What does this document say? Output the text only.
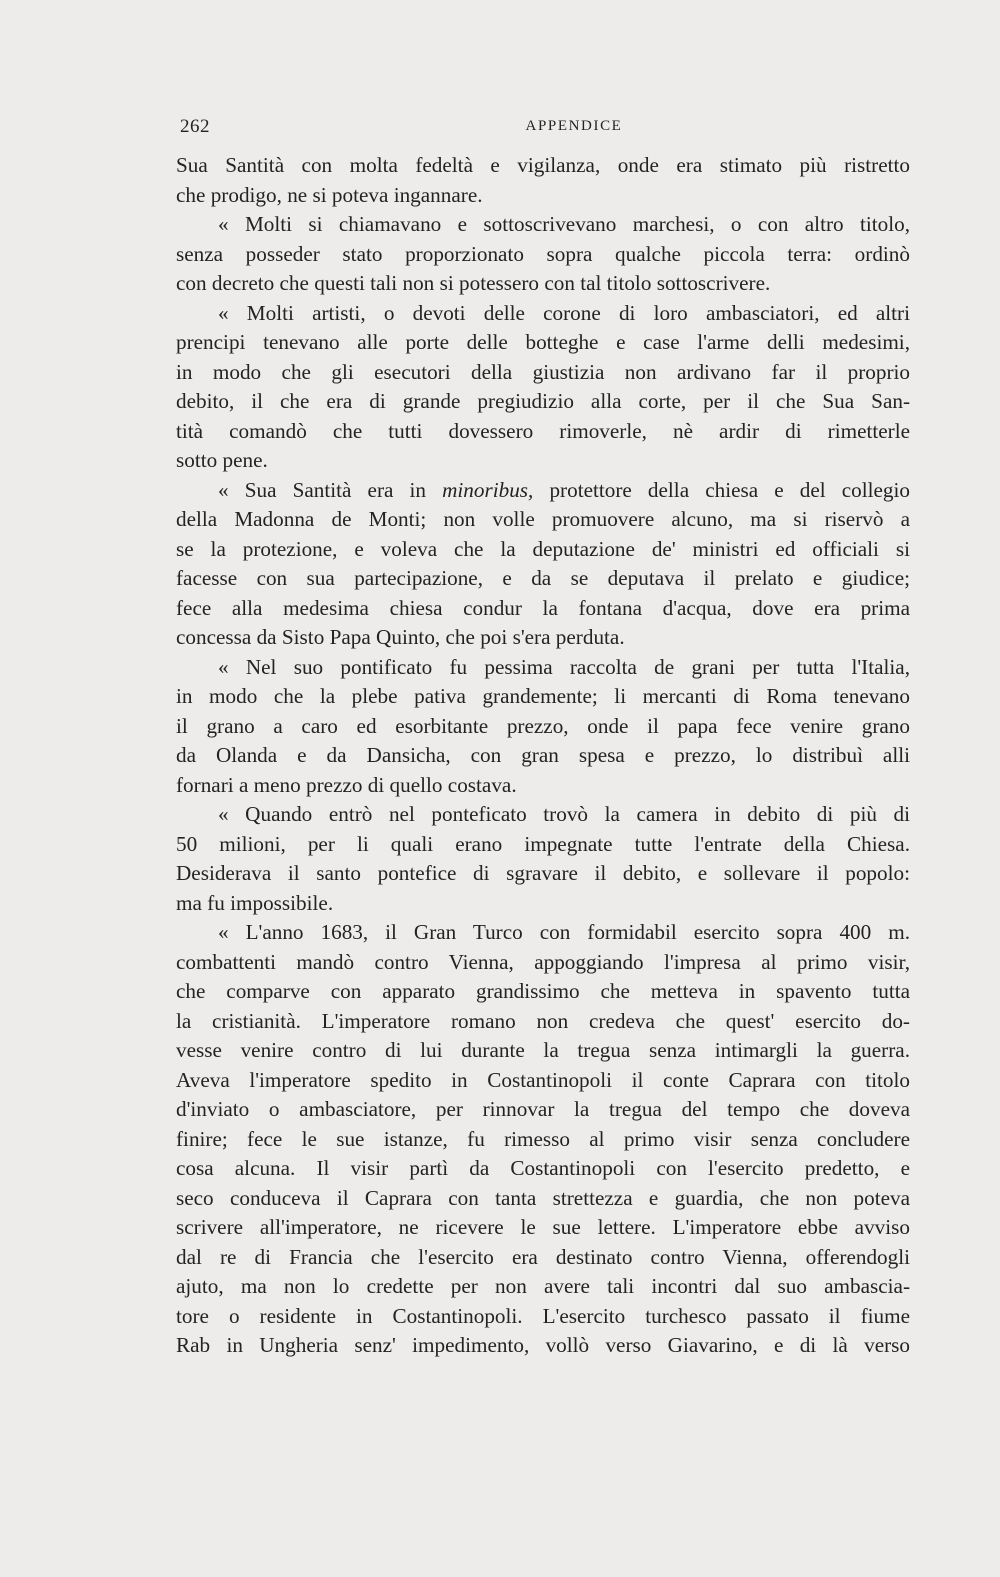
262	APPENDICE
Sua Santità con molta fedeltà e vigilanza, onde era stimato più ristretto
che prodigo, ne si poteva ingannare.
« Molti si chiamavano e sottoscrivevano marchesi, o con altro titolo,
senza posseder stato proporzionato sopra qualche piccola terra: ordinò
con decreto che questi tali non si potessero con tal titolo sottoscrivere.
« Molti artisti, o devoti delle corone di loro ambasciatori, ed altri
prencipi tenevano alle porte delle botteghe e case l'arme delli medesimi,
in modo che gli esecutori della giustizia non ardivano far il proprio
debito, il che era di grande pregiudizio alla corte, per il che Sua San-
tità comandò che tutti dovessero rimoverle, nè ardir di rimetterle
sotto pene.
« Sua Santità era in minoribus, protettore della chiesa e del collegio
della Madonna de Monti; non volle promuovere alcuno, ma si riservò a
se la protezione, e voleva che la deputazione de' ministri ed officiali si
facesse con sua partecipazione, e da se deputava il prelato e giudice;
fece alla medesima chiesa condur la fontana d'acqua, dove era prima
concessa da Sisto Papa Quinto, che poi s'era perduta.
« Nel suo pontificato fu pessima raccolta de grani per tutta l'Italia,
in modo che la plebe pativa grandemente; li mercanti di Roma tenevano
il grano a caro ed esorbitante prezzo, onde il papa fece venire grano
da Olanda e da Dansicha, con gran spesa e prezzo, lo distribuì alli
fornari a meno prezzo di quello costava.
« Quando entrò nel ponteficato trovò la camera in debito di più di
50 milioni, per li quali erano impegnate tutte l'entrate della Chiesa.
Desiderava il santo pontefice di sgravare il debito, e sollevare il popolo:
ma fu impossibile.
« L'anno 1683, il Gran Turco con formidabil esercito sopra 400 m.
combattenti mandò contro Vienna, appoggiando l'impresa al primo visir,
che comparve con apparato grandissimo che metteva in spavento tutta
la cristianità. L'imperatore romano non credeva che quest' esercito do-
vesse venire contro di lui durante la tregua senza intimargli la guerra.
Aveva l'imperatore spedito in Costantinopoli il conte Caprara con titolo
d'inviato o ambasciatore, per rinnovar la tregua del tempo che doveva
finire; fece le sue istanze, fu rimesso al primo visir senza concludere
cosa alcuna. Il visir partì da Costantinopoli con l'esercito predetto, e
seco conduceva il Caprara con tanta strettezza e guardia, che non poteva
scrivere all'imperatore, ne ricevere le sue lettere. L'imperatore ebbe avviso
dal re di Francia che l'esercito era destinato contro Vienna, offerendogli
ajuto, ma non lo credette per non avere tali incontri dal suo ambascia-
tore o residente in Costantinopoli. L'esercito turchesco passato il fiume
Rab in Ungheria senz' impedimento, vollò verso Giavarino, e di là verso
